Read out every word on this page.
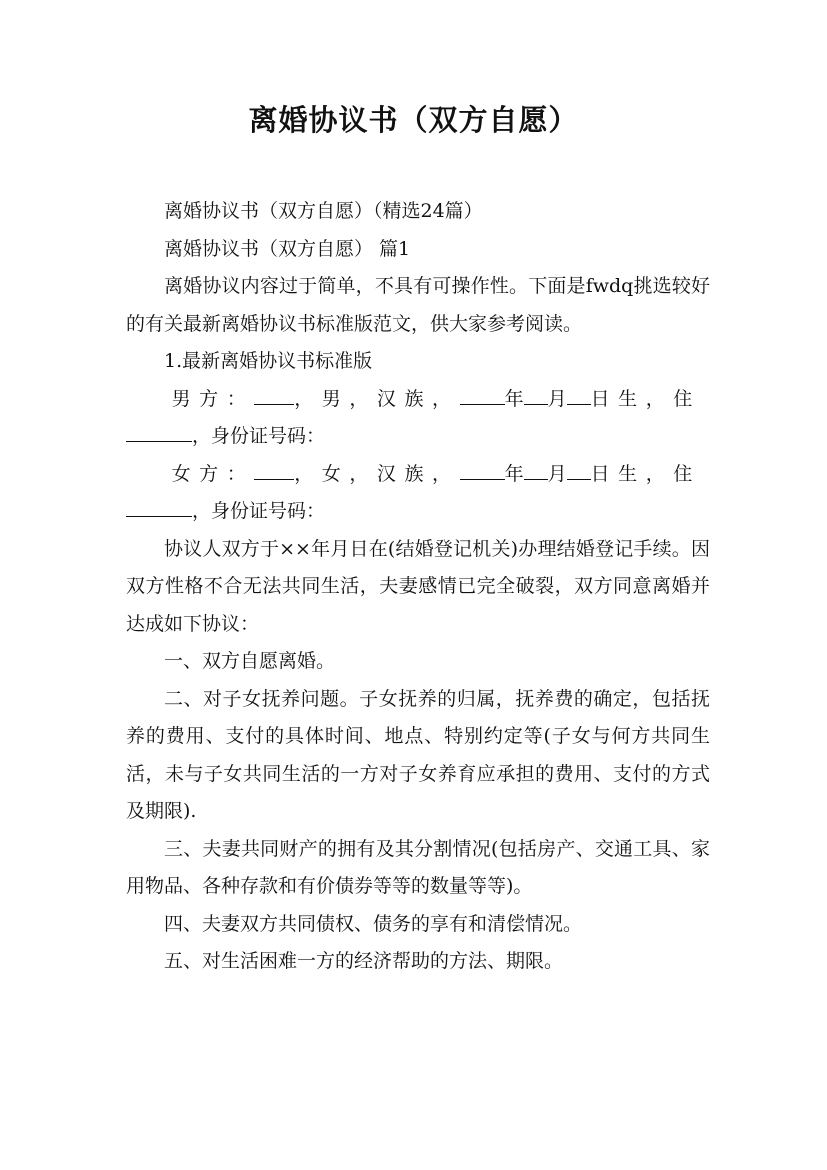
离婚协议书（双方自愿）

离婚协议书（双方自愿）（精选24篇）

离婚协议书（双方自愿） 篇1

离婚协议内容过于简单，不具有可操作性。下面是fwdq挑选较好的有关最新离婚协议书标准版范文，供大家参考阅读。

1.最新离婚协议书标准版

男方： ，男，汉族， 年 月 日生，住
，身份证号码：

女方： ，女，汉族， 年 月 日生，住
，身份证号码：

协议人双方于××年月日在(结婚登记机关)办理结婚登记手续。因双方性格不合无法共同生活，夫妻感情已完全破裂，双方同意离婚并达成如下协议：

一、双方自愿离婚。

二、对子女抚养问题。子女抚养的归属，抚养费的确定，包括抚养的费用、支付的具体时间、地点、特别约定等(子女与何方共同生活，未与子女共同生活的一方对子女养育应承担的费用、支付的方式及期限).

三、夫妻共同财产的拥有及其分割情况(包括房产、交通工具、家用物品、各种存款和有价债券等等的数量等等)。

四、夫妻双方共同债权、债务的享有和清偿情况。

五、对生活困难一方的经济帮助的方法、期限。
